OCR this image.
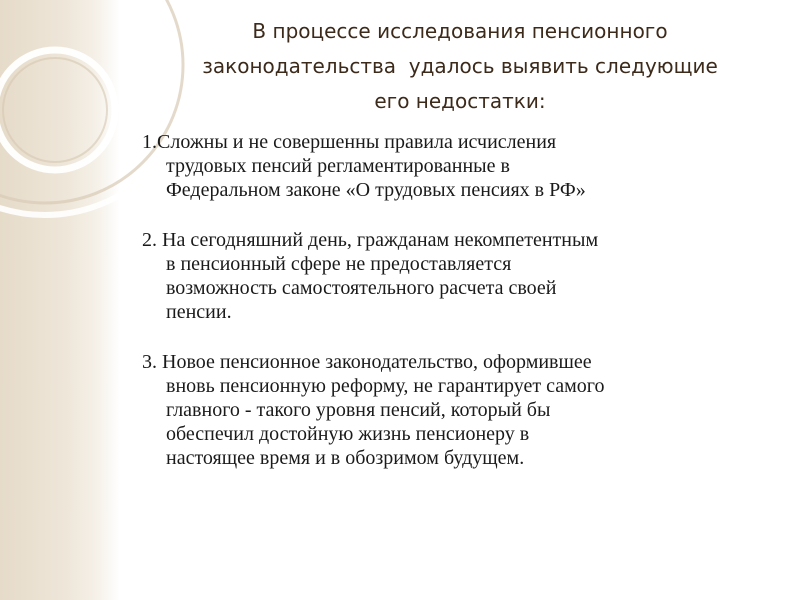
В процессе исследования пенсионного
законодательства  удалось выявить следующие
его недостатки:

1.Сложны и не совершенны правила исчисления
трудовых пенсий регламентированные в
Федеральном законе «О трудовых пенсиях в РФ»

2. На сегодняшний день, гражданам некомпетентным
в пенсионный сфере не предоставляется
возможность самостоятельного расчета своей
пенсии.

3. Новое пенсионное законодательство, оформившее
вновь пенсионную реформу, не гарантирует самого
главного - такого уровня пенсий, который бы
обеспечил достойную жизнь пенсионеру в
настоящее время и в обозримом будущем.
